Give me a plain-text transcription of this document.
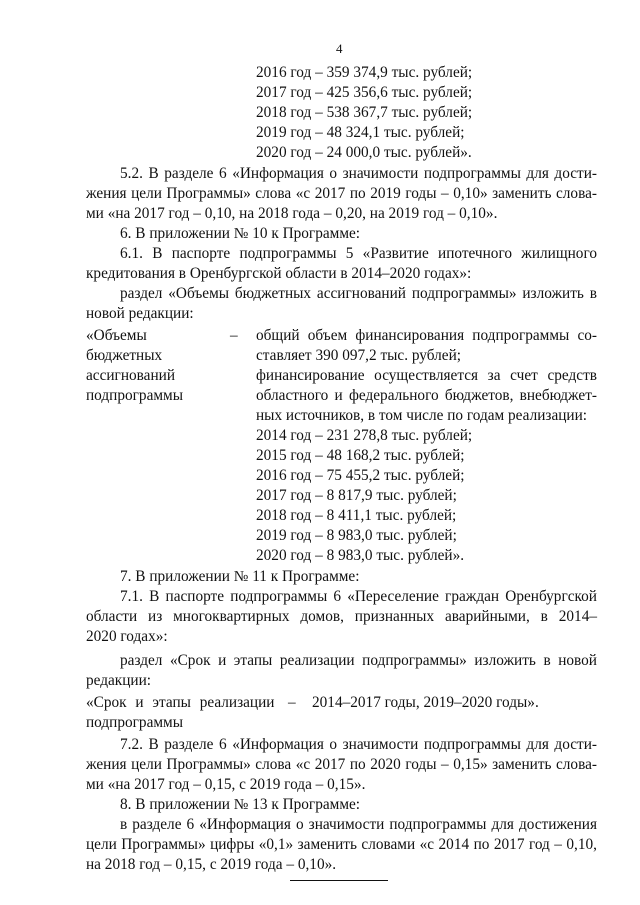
4
2016 год – 359 374,9 тыс. рублей;
2017 год – 425 356,6 тыс. рублей;
2018 год – 538 367,7 тыс. рублей;
2019 год – 48 324,1 тыс. рублей;
2020 год – 24 000,0 тыс. рублей».
5.2. В разделе 6 «Информация о значимости подпрограммы для дости-
жения цели Программы» слова «с 2017 по 2019 годы – 0,10» заменить слова-
ми «на 2017 год – 0,10, на 2018 года – 0,20, на 2019 год – 0,10».
6. В приложении № 10 к Программе:
6.1. В паспорте подпрограммы 5 «Развитие ипотечного жилищного
кредитования в Оренбургской области в 2014–2020 годах»:
раздел «Объемы бюджетных ассигнований подпрограммы» изложить в
новой редакции:
«Объемы
бюджетных
ассигнований
подпрограммы
– общий объем финансирования подпрограммы со-
ставляет 390 097,2 тыс. рублей;
финансирование осуществляется за счет средств
областного и федерального бюджетов, внебюджет-
ных источников, в том числе по годам реализации:
2014 год – 231 278,8 тыс. рублей;
2015 год – 48 168,2 тыс. рублей;
2016 год – 75 455,2 тыс. рублей;
2017 год – 8 817,9 тыс. рублей;
2018 год – 8 411,1 тыс. рублей;
2019 год – 8 983,0 тыс. рублей;
2020 год – 8 983,0 тыс. рублей».
7. В приложении № 11 к Программе:
7.1. В паспорте подпрограммы 6 «Переселение граждан Оренбургской
области из многоквартирных домов, признанных аварийными, в 2014–
2020 годах»:
раздел «Срок и этапы реализации подпрограммы» изложить в новой
редакции:
«Срок и этапы реализации – 2014–2017 годы, 2019–2020 годы».
подпрограммы
7.2. В разделе 6 «Информация о значимости подпрограммы для дости-
жения цели Программы» слова «с 2017 по 2020 годы – 0,15» заменить слова-
ми «на 2017 год – 0,15, с 2019 года – 0,15».
8. В приложении № 13 к Программе:
в разделе 6 «Информация о значимости подпрограммы для достижения
цели Программы» цифры «0,1» заменить словами «с 2014 по 2017 год – 0,10,
на 2018 год – 0,15, с 2019 года – 0,10».
